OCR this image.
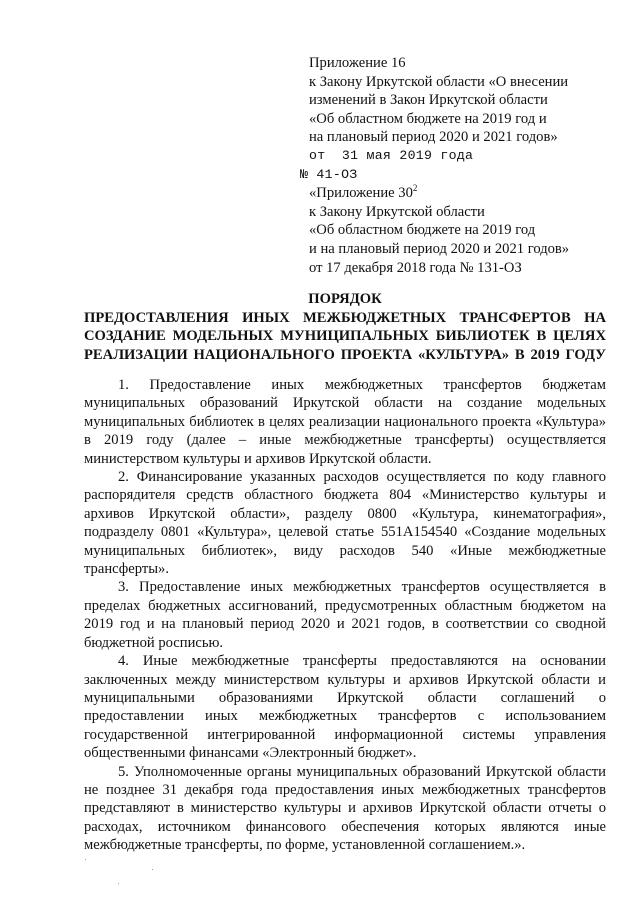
Приложение 16
к Закону Иркутской области «О внесении
изменений в Закон Иркутской области
«Об областном бюджете на 2019 год и
на плановый период 2020 и 2021 годов»
от  31 мая 2019 года
№ 41-ОЗ
«Приложение $30^2$
к Закону Иркутской области
«Об областном бюджете на 2019 год
и на плановый период 2020 и 2021 годов»
от 17 декабря 2018 года № 131-ОЗ
ПОРЯДОК
ПРЕДОСТАВЛЕНИЯ ИНЫХ МЕЖБЮДЖЕТНЫХ ТРАНСФЕРТОВ НА
СОЗДАНИЕ МОДЕЛЬНЫХ МУНИЦИПАЛЬНЫХ БИБЛИОТЕК В ЦЕЛЯХ
РЕАЛИЗАЦИИ НАЦИОНАЛЬНОГО ПРОЕКТА «КУЛЬТУРА» В 2019 ГОДУ

1. Предоставление иных межбюджетных трансфертов бюджетам муниципальных образований Иркутской области на создание модельных муниципальных библиотек в целях реализации национального проекта «Культура» в 2019 году (далее – иные межбюджетные трансферты) осуществляется министерством культуры и архивов Иркутской области.

2. Финансирование указанных расходов осуществляется по коду главного распорядителя средств областного бюджета 804 «Министерство культуры и архивов Иркутской области», разделу 0800 «Культура, кинематография», подразделу 0801 «Культура», целевой статье 551А154540 «Создание модельных муниципальных библиотек», виду расходов 540 «Иные межбюджетные трансферты».

3. Предоставление иных межбюджетных трансфертов осуществляется в пределах бюджетных ассигнований, предусмотренных областным бюджетом на 2019 год и на плановый период 2020 и 2021 годов, в соответствии со сводной бюджетной росписью.

4. Иные межбюджетные трансферты предоставляются на основании заключенных между министерством культуры и архивов Иркутской области и муниципальными образованиями Иркутской области соглашений о предоставлении иных межбюджетных трансфертов с использованием государственной интегрированной информационной системы управления общественными финансами «Электронный бюджет».

5. Уполномоченные органы муниципальных образований Иркутской области не позднее 31 декабря года предоставления иных межбюджетных трансфертов представляют в министерство культуры и архивов Иркутской области отчеты о расходах, источником финансового обеспечения которых являются иные межбюджетные трансферты, по форме, установленной соглашением.».
